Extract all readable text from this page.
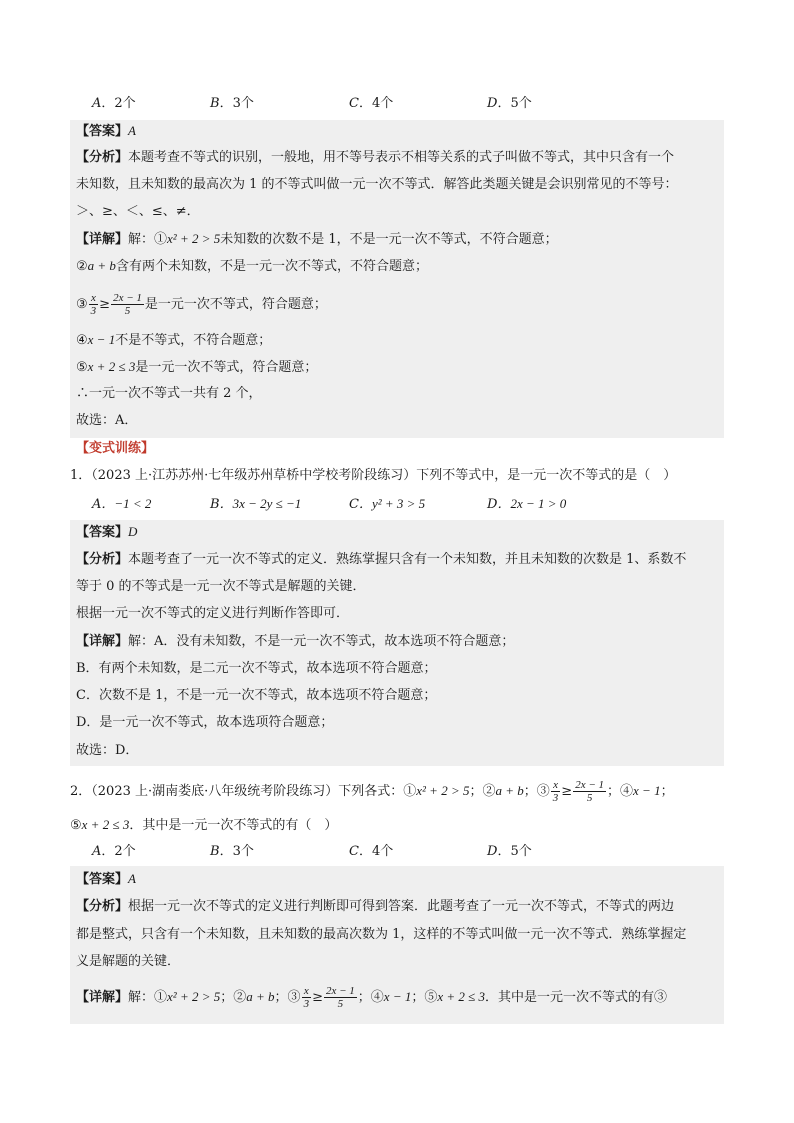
A．2个	B．3个	C．4个	D．5个
【答案】A
【分析】本题考查不等式的识别，一般地，用不等号表示不相等关系的式子叫做不等式，其中只含有一个
未知数，且未知数的最高次为 1 的不等式叫做一元一次不等式．解答此类题关键是会识别常见的不等号：
＞、≥、＜、≤、≠．
【详解】解：①x² + 2 > 5未知数的次数不是 1，不是一元一次不等式，不符合题意；
②a + b含有两个未知数，不是一元一次不等式，不符合题意；
③ $\frac{x}{3} \ge \frac{2x - 1}{5}$ 是一元一次不等式，符合题意；
④x − 1不是不等式，不符合题意；
⑤x + 2 ≤ 3是一元一次不等式，符合题意；
∴一元一次不等式一共有 2 个，
故选：A．
【变式训练】
1．（2023 上·江苏苏州·七年级苏州草桥中学校考阶段练习）下列不等式中，是一元一次不等式的是（　）
A．−1 < 2	B．3x − 2y ≤ −1	C．y² + 3 > 5	D．2x − 1 > 0
【答案】D
【分析】本题考查了一元一次不等式的定义．熟练掌握只含有一个未知数，并且未知数的次数是 1、系数不
等于 0 的不等式是一元一次不等式是解题的关键．
根据一元一次不等式的定义进行判断作答即可．
【详解】解：A．没有未知数，不是一元一次不等式，故本选项不符合题意；
B．有两个未知数，是二元一次不等式，故本选项不符合题意；
C．次数不是 1，不是一元一次不等式，故本选项不符合题意；
D．是一元一次不等式，故本选项符合题意；
故选：D．
2．（2023 上·湖南娄底·八年级统考阶段练习）下列各式：①x² + 2 > 5；②a + b；③ $\frac{x}{3} \ge \frac{2x - 1}{5}$ ；④x − 1；
⑤x + 2 ≤ 3．其中是一元一次不等式的有（　）
A．2个	B．3个	C．4个	D．5个
【答案】A
【分析】根据一元一次不等式的定义进行判断即可得到答案．此题考查了一元一次不等式，不等式的两边
都是整式，只含有一个未知数，且未知数的最高次数为 1，这样的不等式叫做一元一次不等式．熟练掌握定
义是解题的关键．
【详解】解：①x² + 2 > 5；②a + b；③ $\frac{x}{3} \ge \frac{2x - 1}{5}$ ；④x − 1；⑤x + 2 ≤ 3．其中是一元一次不等式的有③
